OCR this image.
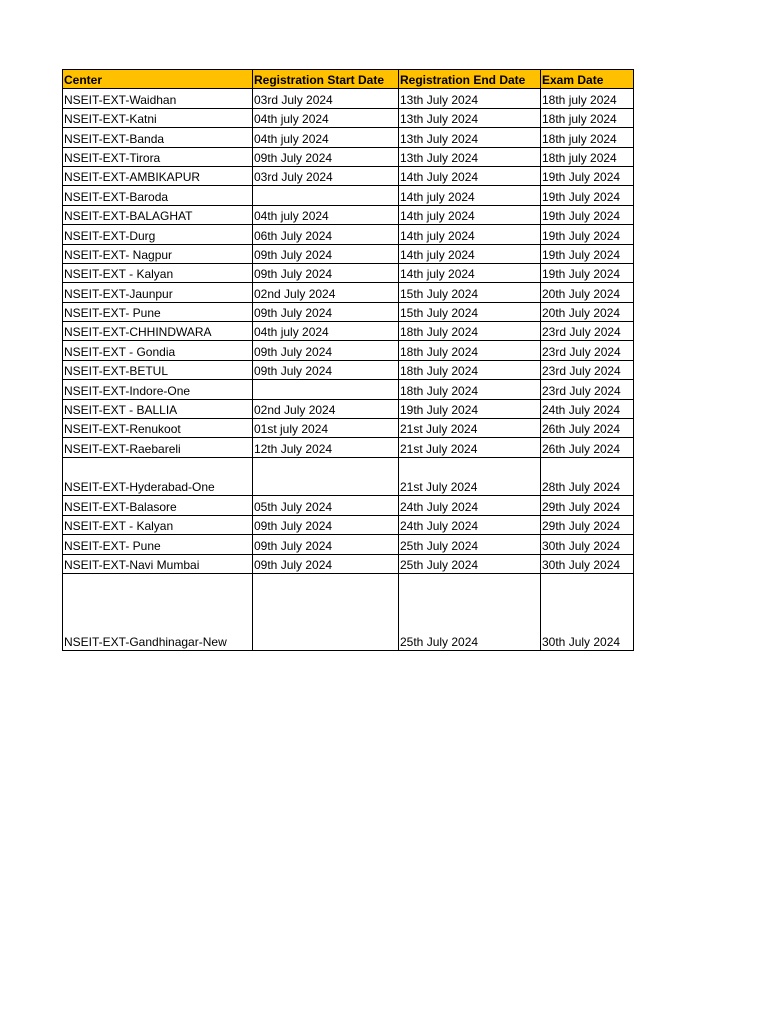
Center	Registration Start Date	Registration End Date	Exam Date
NSEIT-EXT-Waidhan	03rd July 2024	13th July 2024	18th july 2024
NSEIT-EXT-Katni	04th july 2024	13th July 2024	18th july 2024
NSEIT-EXT-Banda	04th july 2024	13th July 2024	18th july 2024
NSEIT-EXT-Tirora	09th July 2024	13th July 2024	18th july 2024
NSEIT-EXT-AMBIKAPUR	03rd July 2024	14th July 2024	19th July 2024
NSEIT-EXT-Baroda		14th july 2024	19th July 2024
NSEIT-EXT-BALAGHAT	04th july 2024	14th july 2024	19th July 2024
NSEIT-EXT-Durg	06th July 2024	14th july 2024	19th July 2024
NSEIT-EXT- Nagpur	09th July 2024	14th july 2024	19th July 2024
NSEIT-EXT - Kalyan	09th July 2024	14th july 2024	19th July 2024
NSEIT-EXT-Jaunpur	02nd July 2024	15th July 2024	20th July 2024
NSEIT-EXT- Pune	09th July 2024	15th July 2024	20th July 2024
NSEIT-EXT-CHHINDWARA	04th july 2024	18th July 2024	23rd July 2024
NSEIT-EXT - Gondia	09th July 2024	18th July 2024	23rd July 2024
NSEIT-EXT-BETUL	09th July 2024	18th July 2024	23rd July 2024
NSEIT-EXT-Indore-One		18th July 2024	23rd July 2024
NSEIT-EXT - BALLIA	02nd July 2024	19th July 2024	24th July 2024
NSEIT-EXT-Renukoot	01st july 2024	21st July 2024	26th July 2024
NSEIT-EXT-Raebareli	12th July 2024	21st July 2024	26th July 2024
NSEIT-EXT-Hyderabad-One		21st July 2024	28th July 2024
NSEIT-EXT-Balasore	05th July 2024	24th July 2024	29th July 2024
NSEIT-EXT - Kalyan	09th July 2024	24th July 2024	29th July 2024
NSEIT-EXT- Pune	09th July 2024	25th July 2024	30th July 2024
NSEIT-EXT-Navi Mumbai	09th July 2024	25th July 2024	30th July 2024
NSEIT-EXT-Gandhinagar-New		25th July 2024	30th July 2024
